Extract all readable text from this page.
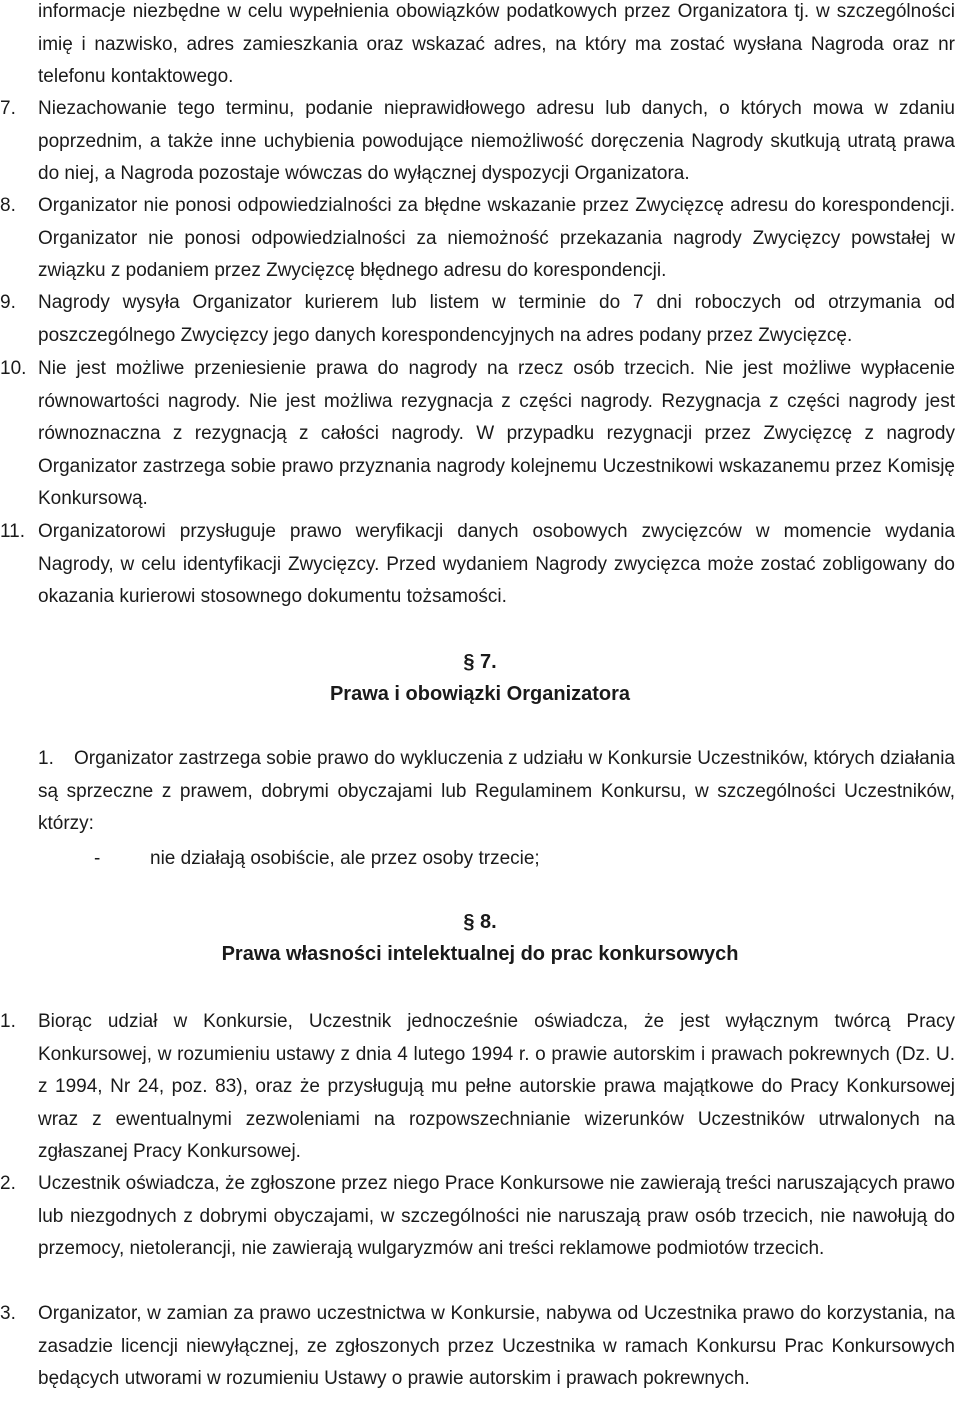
informacje niezbędne w celu wypełnienia obowiązków podatkowych przez Organizatora tj. w szczególności imię i nazwisko, adres zamieszkania oraz wskazać adres, na który ma zostać wysłana Nagroda oraz nr telefonu kontaktowego.

7.	Niezachowanie tego terminu, podanie nieprawidłowego adresu lub danych, o których mowa w zdaniu poprzednim, a także inne uchybienia powodujące niemożliwość doręczenia Nagrody skutkują utratą prawa do niej, a Nagroda pozostaje wówczas do wyłącznej dyspozycji Organizatora.

8.	Organizator nie ponosi odpowiedzialności za błędne wskazanie przez Zwycięzcę adresu do korespondencji. Organizator nie ponosi odpowiedzialności za niemożność przekazania nagrody Zwycięzcy powstałej w związku z podaniem przez Zwycięzcę błędnego adresu do korespondencji.

9.	Nagrody wysyła Organizator kurierem lub listem w terminie do 7 dni roboczych od otrzymania od poszczególnego Zwycięzcy jego danych korespondencyjnych na adres podany przez Zwycięzcę.

10. Nie jest możliwe przeniesienie prawa do nagrody na rzecz osób trzecich. Nie jest możliwe wypłacenie równowartości nagrody. Nie jest możliwa rezygnacja z części nagrody. Rezygnacja z części nagrody jest równoznaczna z rezygnacją z całości nagrody. W przypadku rezygnacji przez Zwycięzcę z nagrody Organizator zastrzega sobie prawo przyznania nagrody kolejnemu Uczestnikowi wskazanemu przez Komisję Konkursową.

11. Organizatorowi przysługuje prawo weryfikacji danych osobowych zwycięzców w momencie wydania Nagrody, w celu identyfikacji Zwycięzcy. Przed wydaniem Nagrody zwycięzca może zostać zobligowany do okazania kurierowi stosownego dokumentu tożsamości.

§ 7.

Prawa i obowiązki Organizatora

1. Organizator zastrzega sobie prawo do wykluczenia z udziału w Konkursie Uczestników, których działania są sprzeczne z prawem, dobrymi obyczajami lub Regulaminem Konkursu, w szczególności Uczestników, którzy:

-	nie działają osobiście, ale przez osoby trzecie;

§ 8.

Prawa własności intelektualnej do prac konkursowych

1.	Biorąc udział w Konkursie, Uczestnik jednocześnie oświadcza, że jest wyłącznym twórcą Pracy Konkursowej, w rozumieniu ustawy z dnia 4 lutego 1994 r. o prawie autorskim i prawach pokrewnych (Dz. U. z 1994, Nr 24, poz. 83), oraz że przysługują mu pełne autorskie prawa majątkowe do Pracy Konkursowej wraz z ewentualnymi zezwoleniami na rozpowszechnianie wizerunków Uczestników utrwalonych na zgłaszanej Pracy Konkursowej.

2.	Uczestnik oświadcza, że zgłoszone przez niego Prace Konkursowe nie zawierają treści naruszających prawo lub niezgodnych z dobrymi obyczajami, w szczególności nie naruszają praw osób trzecich, nie nawołują do przemocy, nietolerancji, nie zawierają wulgaryzmów ani treści reklamowe podmiotów trzecich.

3.	Organizator, w zamian za prawo uczestnictwa w Konkursie, nabywa od Uczestnika prawo do korzystania, na zasadzie licencji niewyłącznej, ze zgłoszonych przez Uczestnika w ramach Konkursu Prac Konkursowych będących utworami w rozumieniu Ustawy o prawie autorskim i prawach pokrewnych.
